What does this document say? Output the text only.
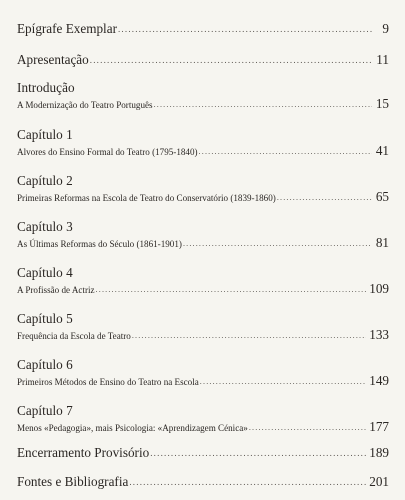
Epígrafe Exemplar .....	9
Apresentação .....	11
Introdução
A Modernização do Teatro Português .....	15
Capítulo 1
Alvores do Ensino Formal do Teatro (1795-1840) .....	41
Capítulo 2
Primeiras Reformas na Escola de Teatro do Conservatório (1839-1860) .....	65
Capítulo 3
As Últimas Reformas do Século (1861-1901) .....	81
Capítulo 4
A Profissão de Actriz .....	109
Capítulo 5
Frequência da Escola de Teatro .....	133
Capítulo 6
Primeiros Métodos de Ensino do Teatro na Escola .....	149
Capítulo 7
Menos «Pedagogia», mais Psicologia: «Aprendizagem Cénica» .....	177
Encerramento Provisório .....	189
Fontes e Bibliografia .....	201
